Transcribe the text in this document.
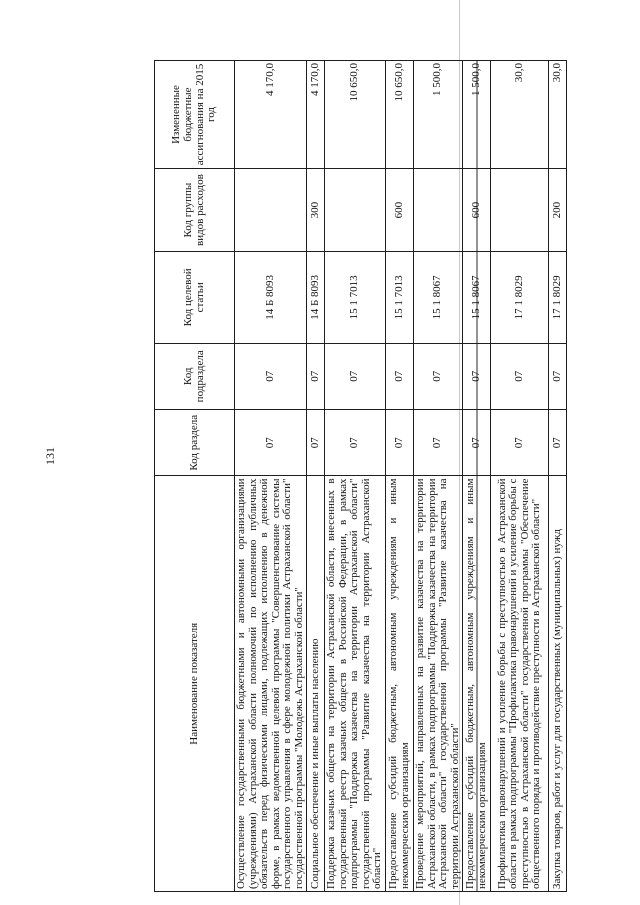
131
Наименование показателя	Код раздела	Код подраздела	Код целевой статьи	Код группы видов расходов	Измененные бюджетные ассигнования на 2015 год
Осуществление государственными бюджетными и автономными организациями (учреждениями) Астраханской области полномочий по исполнению публичных обязательств перед физическими лицами, подлежащих исполнению в денежной форме, в рамках ведомственной целевой программы "Совершенствование системы государственного управления в сфере молодежной политики Астраханской области" государственной программы "Молодежь Астраханской области"	07	07	14 Б 8093		4 170,0
Социальное обеспечение и иные выплаты населению	07	07	14 Б 8093	300	4 170,0
Поддержка казачьих обществ на территории Астраханской области, внесенных в государственный реестр казачьих обществ в Российской Федерации, в рамках подпрограммы "Поддержка казачества на территории Астраханской области" государственной программы "Развитие казачества на территории Астраханской области"	07	07	15 1 7013		10 650,0
Предоставление субсидий бюджетным, автономным учреждениям и иным некоммерческим организациям	07	07	15 1 7013	600	10 650,0
Проведение мероприятий, направленных на развитие казачества на территории Астраханской области, в рамках подпрограммы "Поддержка казачества на территории Астраханской области" государственной программы "Развитие казачества на территории Астраханской области"	07	07	15 1 8067		1 500,0
Предоставление субсидий бюджетным, автономным учреждениям и иным некоммерческим организациям	07	07	15 1 8067	600	1 500,0
Профилактика правонарушений и усиление борьбы с преступностью в Астраханской области в рамках подпрограммы "Профилактика правонарушений и усиление борьбы с преступностью в Астраханской области" государственной программы "Обеспечение общественного порядка и противодействие преступности в Астраханской области"	07	07	17 1 8029		30,0
Закупка товаров, работ и услуг для государственных (муниципальных) нужд	07	07	17 1 8029	200	30,0
